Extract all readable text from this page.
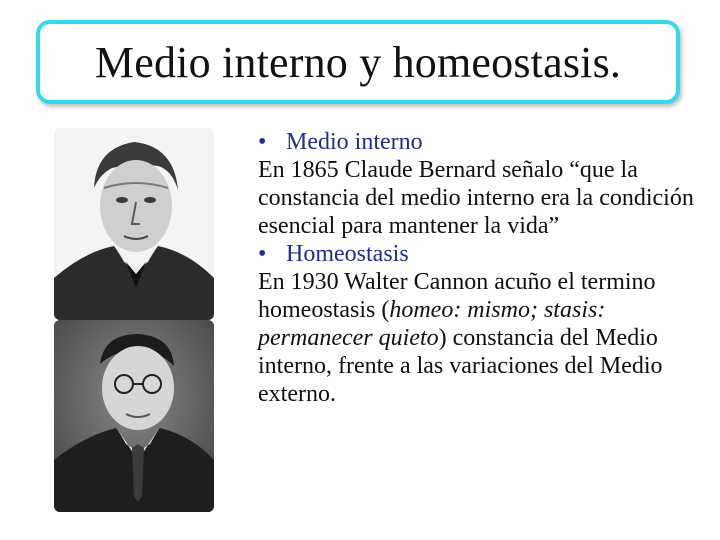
Medio interno y homeostasis.
• Medio interno

En 1865 Claude Bernard señalo “que la constancia del medio interno era la condición esencial para mantener la vida”

• Homeostasis

En 1930 Walter Cannon acuño el termino homeostasis (homeo: mismo; stasis: permanecer quieto) constancia del Medio interno, frente a las variaciones del Medio externo.
